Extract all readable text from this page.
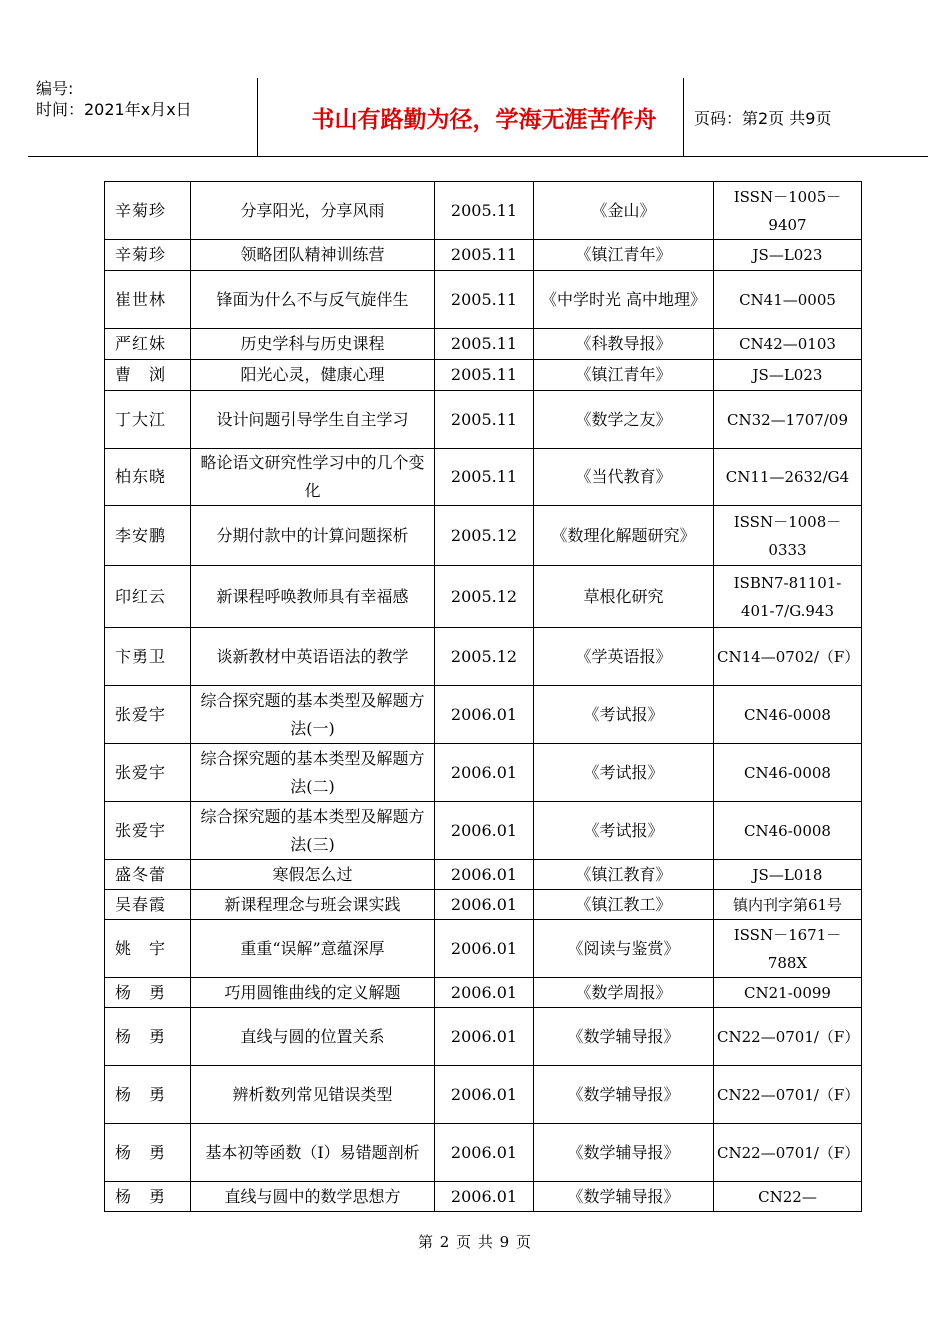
编号:
时间：2021年x月x日	书山有路勤为径，学海无涯苦作舟	页码：第2页 共9页
辛菊珍	分享阳光，分享风雨	2005.11	《金山》	ISSN－1005－9407
辛菊珍	领略团队精神训练营	2005.11	《镇江青年》	JS—L023
崔世林	锋面为什么不与反气旋伴生	2005.11	《中学时光 高中地理》	CN41—0005
严红妹	历史学科与历史课程	2005.11	《科教导报》	CN42—0103
曹　浏	阳光心灵，健康心理	2005.11	《镇江青年》	JS—L023
丁大江	设计问题引导学生自主学习	2005.11	《数学之友》	CN32—1707/09
柏东晓	略论语文研究性学习中的几个变化	2005.11	《当代教育》	CN11—2632/G4
李安鹏	分期付款中的计算问题探析	2005.12	《数理化解题研究》	ISSN－1008－0333
印红云	新课程呼唤教师具有幸福感	2005.12	草根化研究	ISBN7-81101-401-7/G.943
卞勇卫	谈新教材中英语语法的教学	2005.12	《学英语报》	CN14—0702/（F）
张爱宇	综合探究题的基本类型及解题方法(一)	2006.01	《考试报》	CN46-0008
张爱宇	综合探究题的基本类型及解题方法(二)	2006.01	《考试报》	CN46-0008
张爱宇	综合探究题的基本类型及解题方法(三)	2006.01	《考试报》	CN46-0008
盛冬蕾	寒假怎么过	2006.01	《镇江教育》	JS—L018
吴春霞	新课程理念与班会课实践	2006.01	《镇江教工》	镇内刊字第61号
姚　宇	重重“误解”意蕴深厚	2006.01	《阅读与鉴赏》	ISSN－1671－788X
杨　勇	巧用圆锥曲线的定义解题	2006.01	《数学周报》	CN21-0099
杨　勇	直线与圆的位置关系	2006.01	《数学辅导报》	CN22—0701/（F）
杨　勇	辨析数列常见错误类型	2006.01	《数学辅导报》	CN22—0701/（F）
杨　勇	基本初等函数（Ⅰ）易错题剖析	2006.01	《数学辅导报》	CN22—0701/（F）
杨　勇	直线与圆中的数学思想方	2006.01	《数学辅导报》	CN22—
第 2 页 共 9 页
